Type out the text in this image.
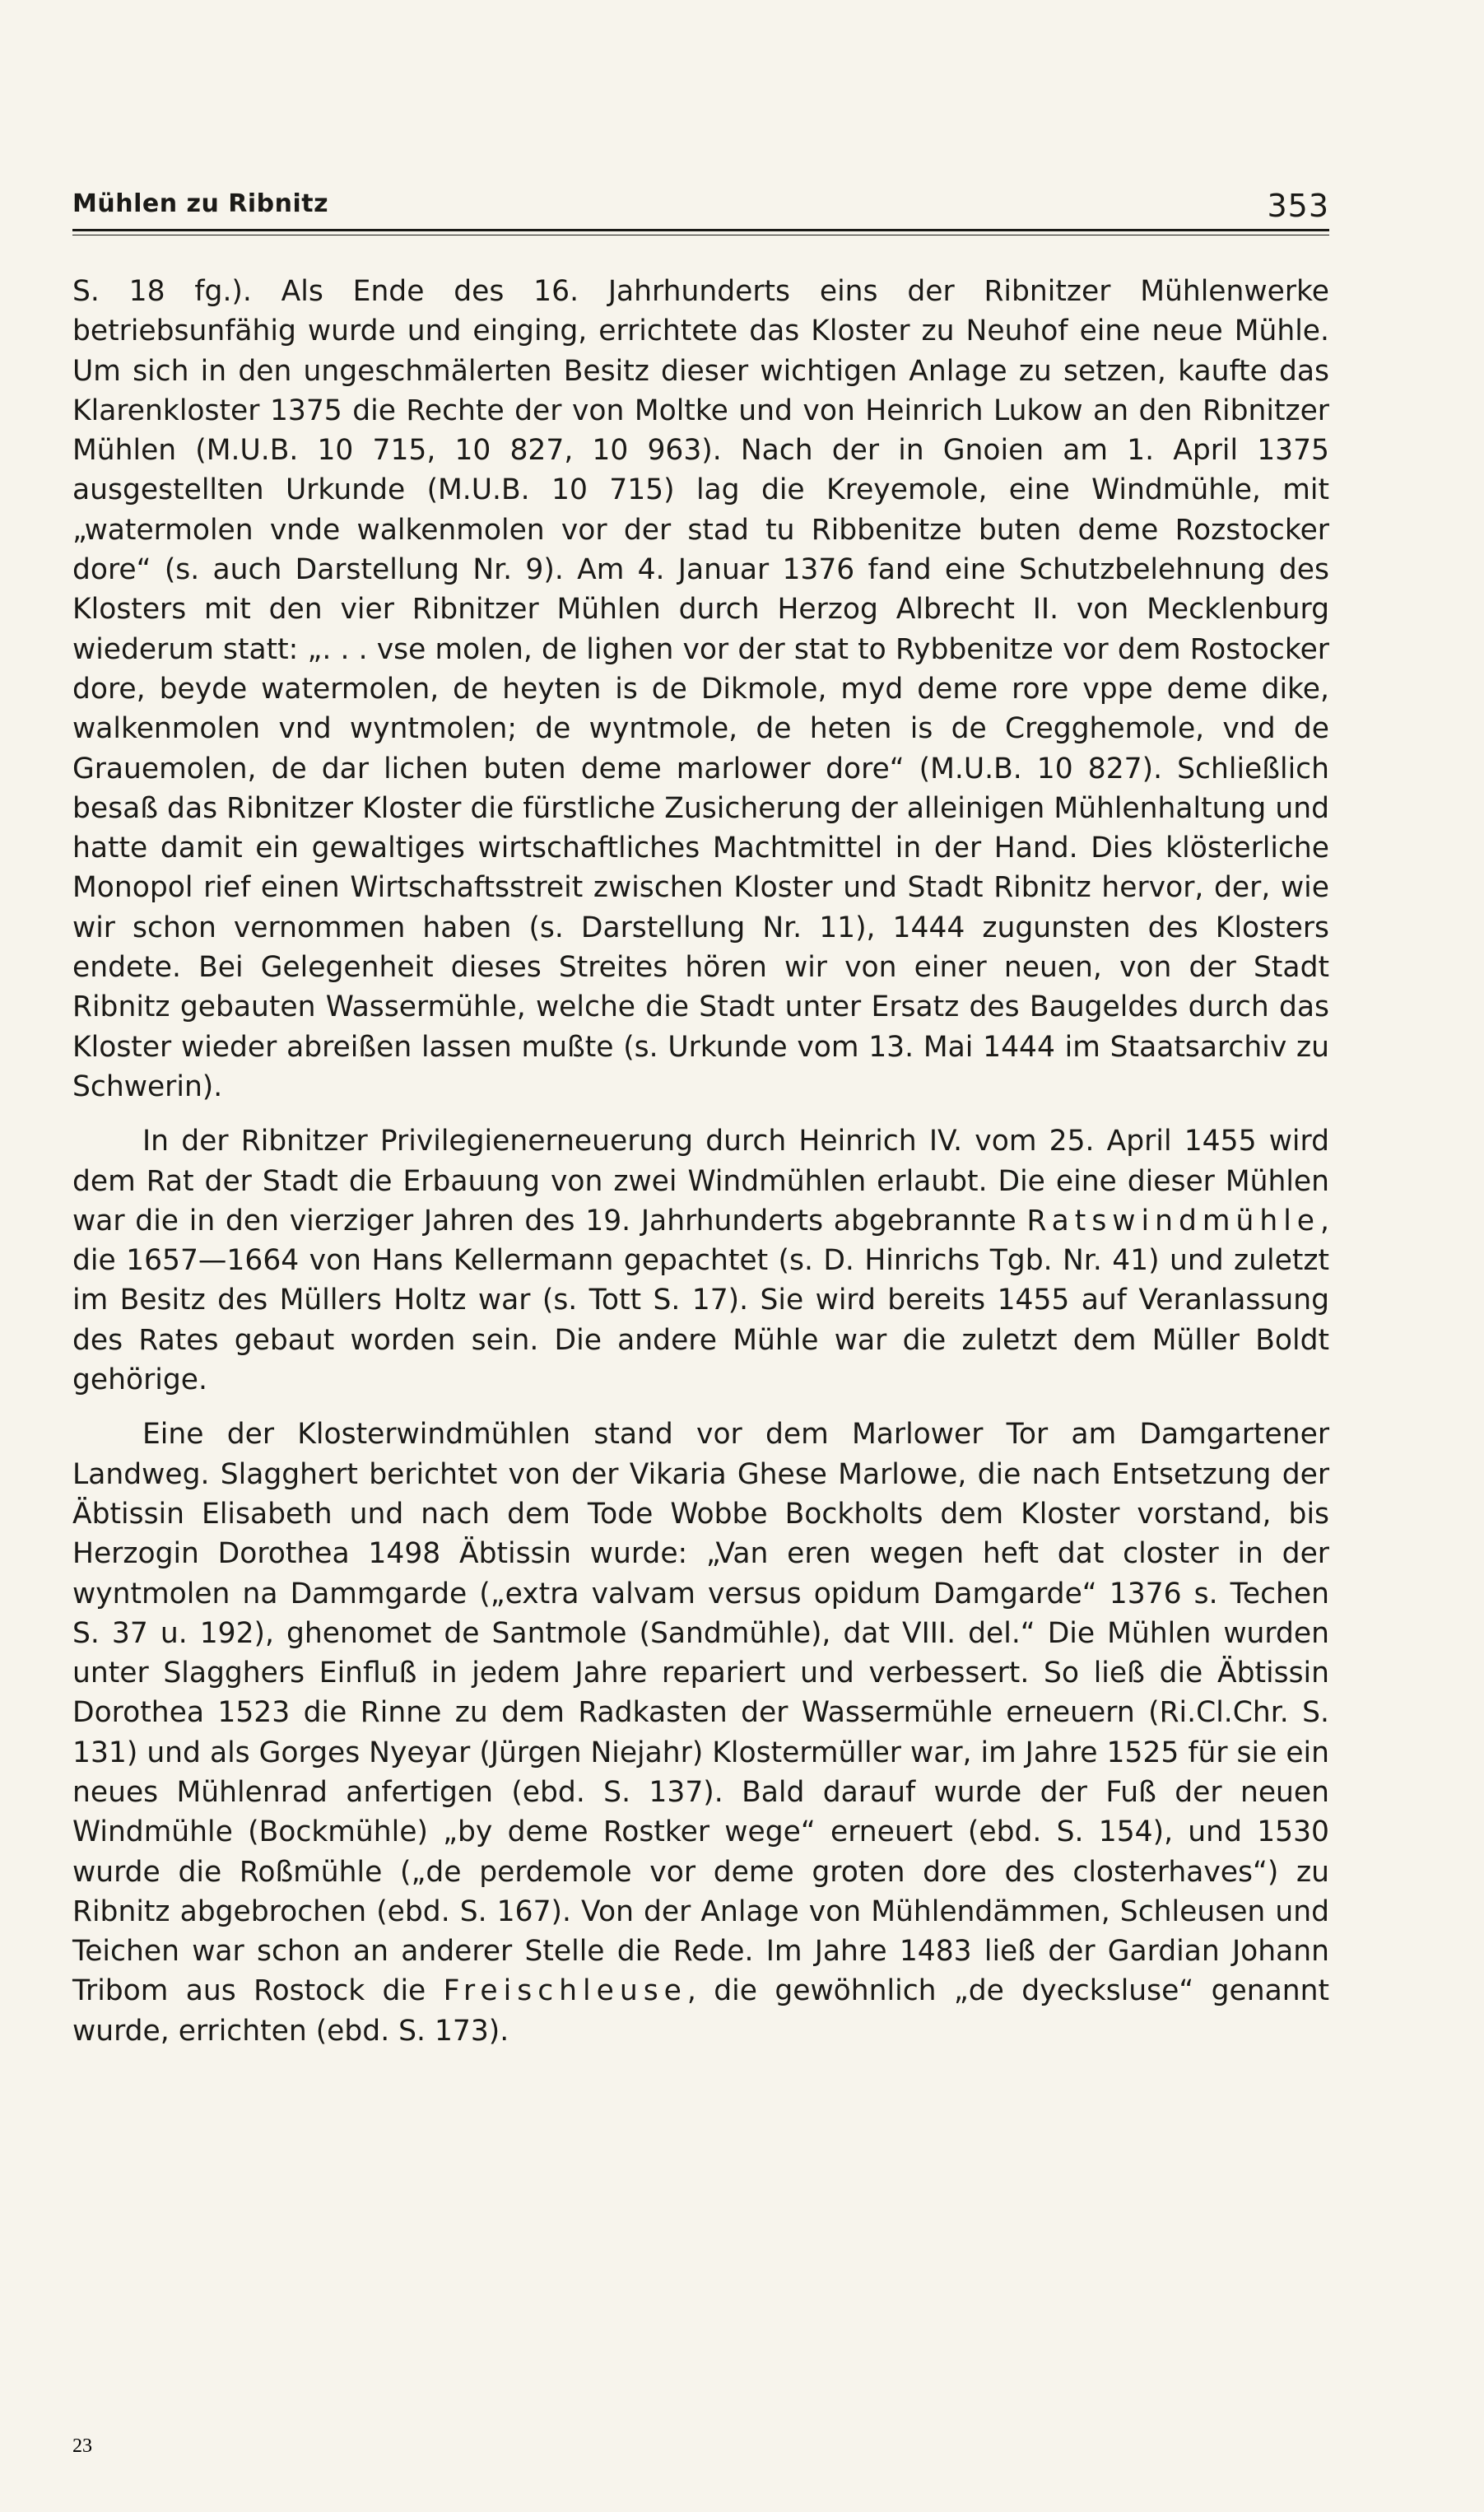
Mühlen zu Ribnitz	353

S. 18 fg.). Als Ende des 16. Jahrhunderts eins der Ribnitzer Mühlenwerke betriebsunfähig wurde und einging, errichtete das Kloster zu Neuhof eine neue Mühle. Um sich in den ungeschmälerten Besitz dieser wichtigen Anlage zu setzen, kaufte das Klarenkloster 1375 die Rechte der von Moltke und von Heinrich Lukow an den Ribnitzer Mühlen (M.U.B. 10 715, 10 827, 10 963). Nach der in Gnoien am 1. April 1375 ausgestellten Urkunde (M.U.B. 10 715) lag die Kreyemole, eine Windmühle, mit „watermolen vnde walkenmolen vor der stad tu Ribbenitze buten deme Rozstocker dore“ (s. auch Darstellung Nr. 9). Am 4. Januar 1376 fand eine Schutzbelehnung des Klosters mit den vier Ribnitzer Mühlen durch Herzog Albrecht II. von Mecklenburg wiederum statt: „. . . vse molen, de lighen vor der stat to Rybbenitze vor dem Rostocker dore, beyde watermolen, de heyten is de Dikmole, myd deme rore vppe deme dike, walkenmolen vnd wyntmolen; de wyntmole, de heten is de Cregghemole, vnd de Grauemolen, de dar lichen buten deme marlower dore“ (M.U.B. 10 827). Schließlich besaß das Ribnitzer Kloster die fürstliche Zusicherung der alleinigen Mühlenhaltung und hatte damit ein gewaltiges wirtschaftliches Machtmittel in der Hand. Dies klösterliche Monopol rief einen Wirtschaftsstreit zwischen Kloster und Stadt Ribnitz hervor, der, wie wir schon vernommen haben (s. Darstellung Nr. 11), 1444 zugunsten des Klosters endete. Bei Gelegenheit dieses Streites hören wir von einer neuen, von der Stadt Ribnitz gebauten Wassermühle, welche die Stadt unter Ersatz des Baugeldes durch das Kloster wieder abreißen lassen mußte (s. Urkunde vom 13. Mai 1444 im Staatsarchiv zu Schwerin).

In der Ribnitzer Privilegienerneuerung durch Heinrich IV. vom 25. April 1455 wird dem Rat der Stadt die Erbauung von zwei Windmühlen erlaubt. Die eine dieser Mühlen war die in den vierziger Jahren des 19. Jahrhunderts abgebrannte Ratswindmühle, die 1657—1664 von Hans Kellermann gepachtet (s. D. Hinrichs Tgb. Nr. 41) und zuletzt im Besitz des Müllers Holtz war (s. Tott S. 17). Sie wird bereits 1455 auf Veranlassung des Rates gebaut worden sein. Die andere Mühle war die zuletzt dem Müller Boldt gehörige.

Eine der Klosterwindmühlen stand vor dem Marlower Tor am Damgartener Landweg. Slagghert berichtet von der Vikaria Ghese Marlowe, die nach Entsetzung der Äbtissin Elisabeth und nach dem Tode Wobbe Bockholts dem Kloster vorstand, bis Herzogin Dorothea 1498 Äbtissin wurde: „Van eren wegen heft dat closter in der wyntmolen na Dammgarde („extra valvam versus opidum Damgarde“ 1376 s. Techen S. 37 u. 192), ghenomet de Santmole (Sandmühle), dat VIII. del.“ Die Mühlen wurden unter Slagghers Einfluß in jedem Jahre repariert und verbessert. So ließ die Äbtissin Dorothea 1523 die Rinne zu dem Radkasten der Wassermühle erneuern (Ri.Cl.Chr. S. 131) und als Gorges Nyeyar (Jürgen Niejahr) Klostermüller war, im Jahre 1525 für sie ein neues Mühlenrad anfertigen (ebd. S. 137). Bald darauf wurde der Fuß der neuen Windmühle (Bockmühle) „by deme Rostker wege“ erneuert (ebd. S. 154), und 1530 wurde die Roßmühle („de perdemole vor deme groten dore des closterhaves“) zu Ribnitz abgebrochen (ebd. S. 167). Von der Anlage von Mühlendämmen, Schleusen und Teichen war schon an anderer Stelle die Rede. Im Jahre 1483 ließ der Gardian Johann Tribom aus Rostock die Freischleuse, die gewöhnlich „de dyecksluse“ genannt wurde, errichten (ebd. S. 173).

23
